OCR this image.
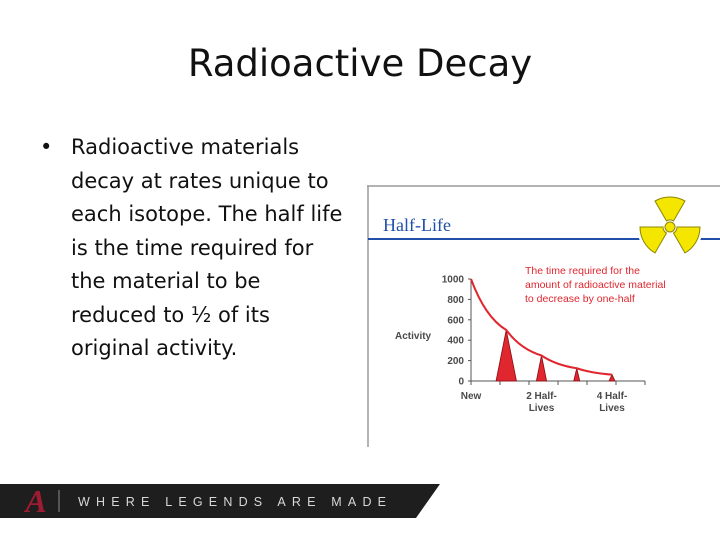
Radioactive Decay
• Radioactive materials decay at rates unique to each isotope. The half life is the time required for the material to be reduced to ½ of its original activity.
Half-Life
The time required for the amount of radioactive material to decrease by one-half
Activity
0
200
400
600
800
1000
New	2 Half-Lives
4 Half-Lives
A	WHERE LEGENDS ARE MADE
